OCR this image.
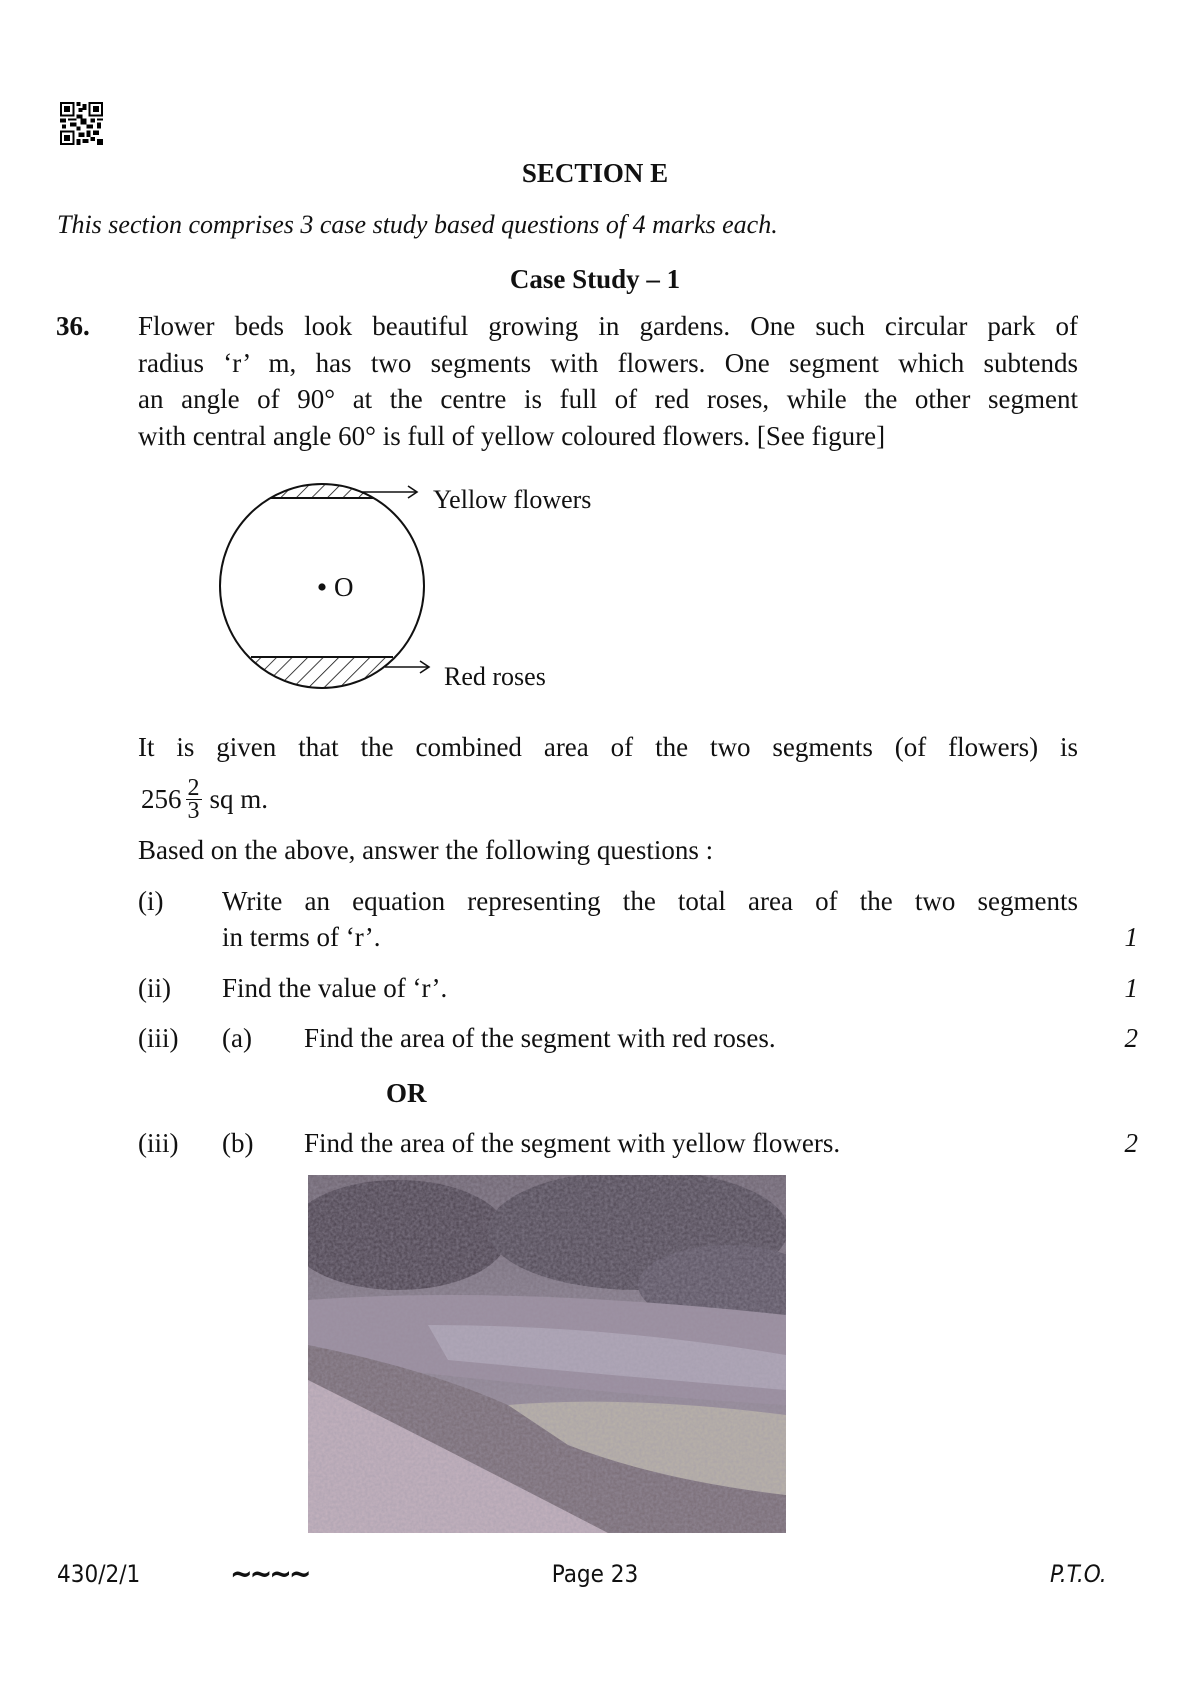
SECTION E
This section comprises 3 case study based questions of 4 marks each.
Case Study – 1
36. Flower beds look beautiful growing in gardens. One such circular park of
radius ‘r’ m, has two segments with flowers. One segment which subtends
an angle of 90° at the centre is full of red roses, while the other segment
with central angle 60° is full of yellow coloured flowers. [See figure]
O
Yellow flowers
Red roses
It is given that the combined area of the two segments (of flowers) is
$256 \frac{2}{3}$ sq m.
Based on the above, answer the following questions :
(i) Write an equation representing the total area of the two segments
in terms of ‘r’.	1
(ii) Find the value of ‘r’.	1
(iii) (a) Find the area of the segment with red roses.	2
OR
(iii) (b) Find the area of the segment with yellow flowers.	2
430/2/1	~~~~	Page 23	P.T.O.
